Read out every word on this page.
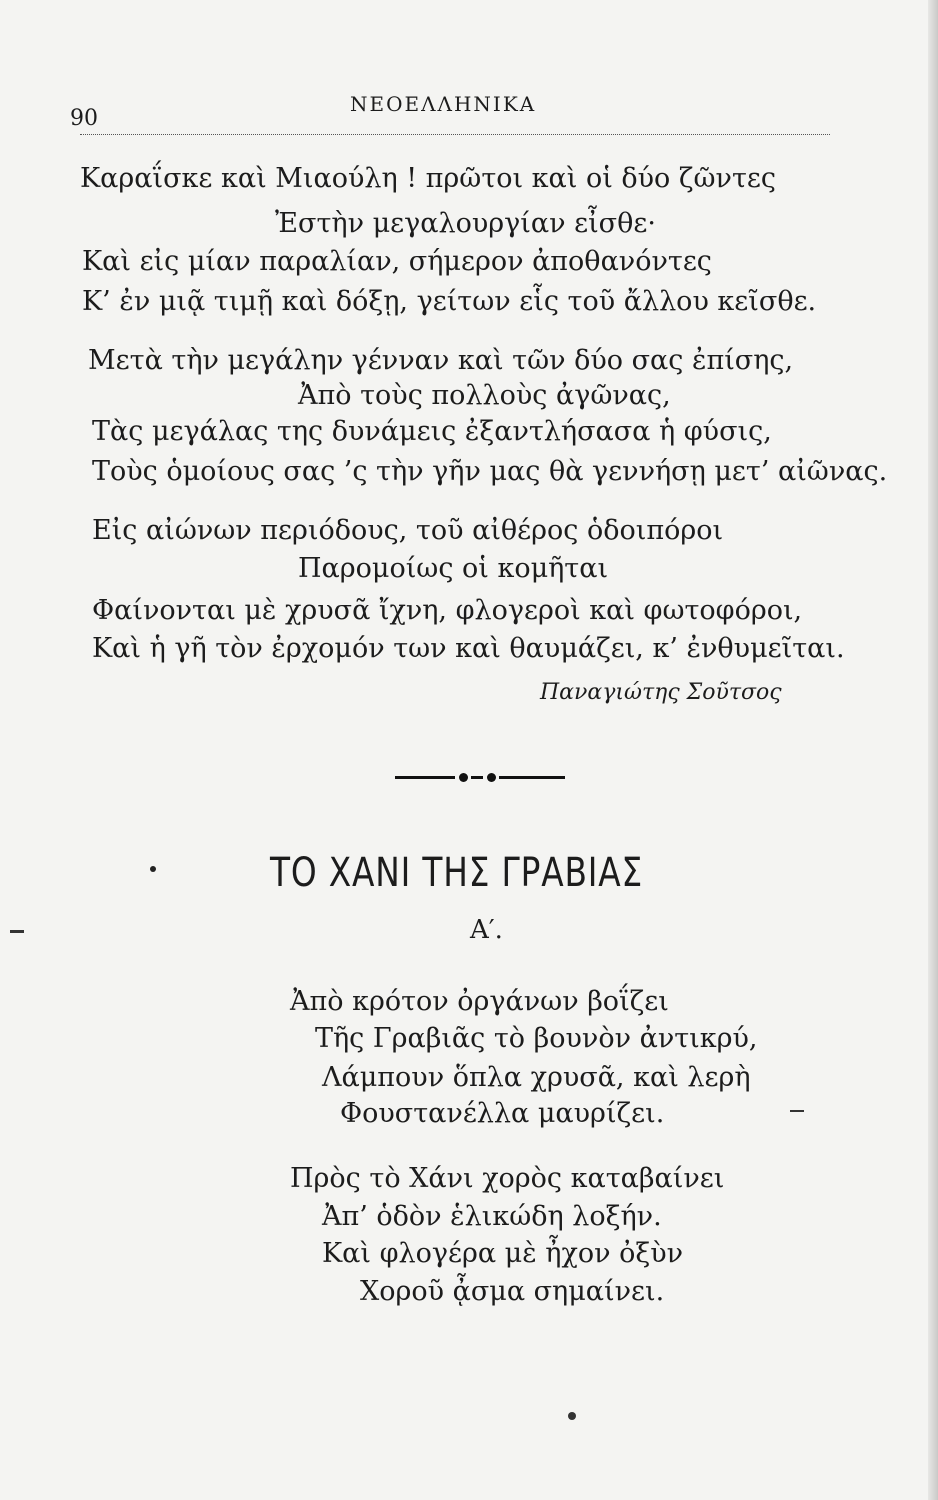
90
ΝΕΟΕΛΛΗΝΙΚΑ
Καραΐσκε καὶ Μιαούλη ! πρῶτοι καὶ οἱ δύο ζῶντες
Ἐστὴν μεγαλουργίαν εἶσθε·
Καὶ εἰς μίαν παραλίαν, σήμερον ἀποθανόντες
Κ’ ἐν μιᾷ τιμῇ καὶ δόξῃ, γείτων εἷς τοῦ ἄλλου κεῖσθε.
Μετὰ τὴν μεγάλην γένναν καὶ τῶν δύο σας ἐπίσης,
Ἀπὸ τοὺς πολλοὺς ἀγῶνας,
Τὰς μεγάλας της δυνάμεις ἐξαντλήσασα ἡ φύσις,
Τοὺς ὁμοίους σας ’ς τὴν γῆν μας θὰ γεννήσῃ μετ’ αἰῶνας.
Εἰς αἰώνων περιόδους, τοῦ αἰθέρος ὁδοιπόροι
Παρομοίως οἱ κομῆται
Φαίνονται μὲ χρυσᾶ ἴχνη, φλογεροὶ καὶ φωτοφόροι,
Καὶ ἡ γῆ τὸν ἐρχομόν των καὶ θαυμάζει, κ’ ἐνθυμεῖται.
Παναγιώτης Σοῦτσος
ΤΟ ΧΑΝΙ ΤΗΣ ΓΡΑΒΙΑΣ
Α′.
Ἀπὸ κρότον ὀργάνων βοΐζει
Τῆς Γραβιᾶς τὸ βουνὸν ἀντικρύ,
Λάμπουν ὅπλα χρυσᾶ, καὶ λερὴ
Φουστανέλλα μαυρίζει.
Πρὸς τὸ Χάνι χορὸς καταβαίνει
Ἀπ’ ὁδὸν ἑλικώδη λοξήν.
Καὶ φλογέρα μὲ ἦχον ὀξὺν
Χοροῦ ᾆσμα σημαίνει.
